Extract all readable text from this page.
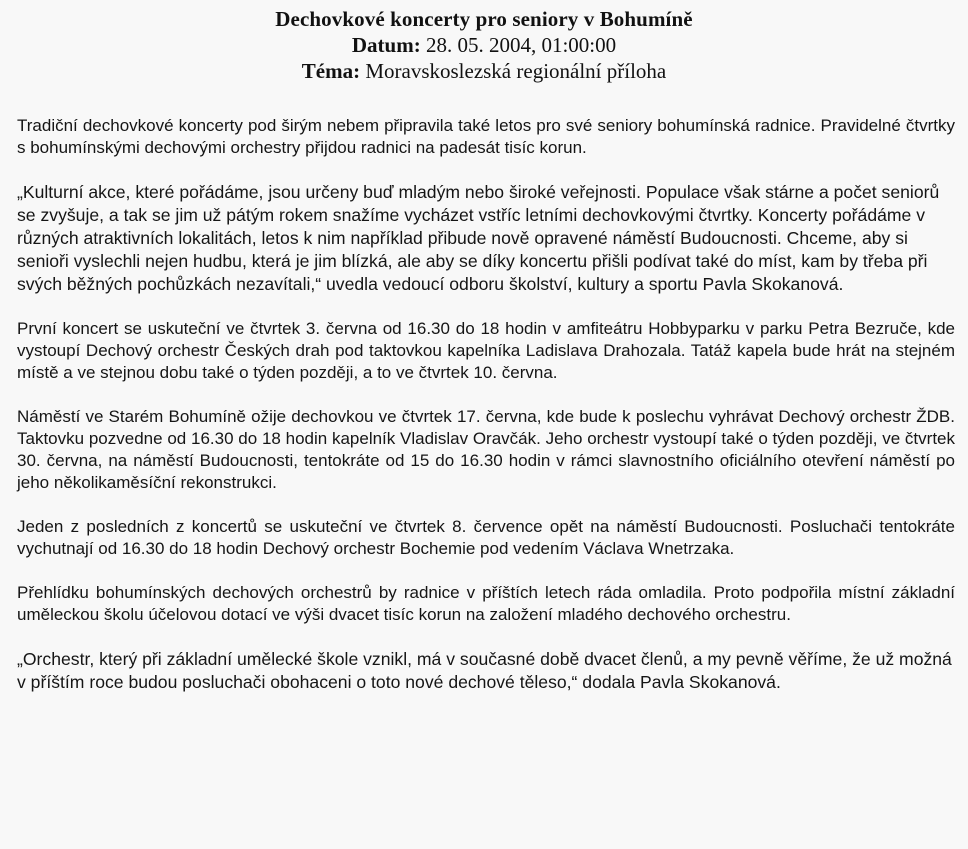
Dechovkové koncerty pro seniory v Bohumíně
Datum: 28. 05. 2004, 01:00:00
Téma: Moravskoslezská regionální příloha

Tradiční dechovkové koncerty pod širým nebem připravila také letos pro své seniory bohumínská radnice. Pravidelné čtvrtky s bohumínskými dechovými orchestry přijdou radnici na padesát tisíc korun.

„Kulturní akce, které pořádáme, jsou určeny buď mladým nebo široké veřejnosti. Populace však stárne a počet seniorů se zvyšuje, a tak se jim už pátým rokem snažíme vycházet vstříc letními dechovkovými čtvrtky. Koncerty pořádáme v různých atraktivních lokalitách, letos k nim například přibude nově opravené náměstí Budoucnosti. Chceme, aby si senioři vyslechli nejen hudbu, která je jim blízká, ale aby se díky koncertu přišli podívat také do míst, kam by třeba při svých běžných pochůzkách nezavítali,“ uvedla vedoucí odboru školství, kultury a sportu Pavla Skokanová.

První koncert se uskuteční ve čtvrtek 3. června od 16.30 do 18 hodin v amfiteátru Hobbyparku v parku Petra Bezruče, kde vystoupí Dechový orchestr Českých drah pod taktovkou kapelníka Ladislava Drahozala. Tatáž kapela bude hrát na stejném místě a ve stejnou dobu také o týden později, a to ve čtvrtek 10. června.

Náměstí ve Starém Bohumíně ožije dechovkou ve čtvrtek 17. června, kde bude k poslechu vyhrávat Dechový orchestr ŽDB. Taktovku pozvedne od 16.30 do 18 hodin kapelník Vladislav Oravčák. Jeho orchestr vystoupí také o týden později, ve čtvrtek 30. června, na náměstí Budoucnosti, tentokráte od 15 do 16.30 hodin v rámci slavnostního oficiálního otevření náměstí po jeho několikaměsíční rekonstrukci.

Jeden z posledních z koncertů se uskuteční ve čtvrtek 8. července opět na náměstí Budoucnosti. Posluchači tentokráte vychutnají od 16.30 do 18 hodin Dechový orchestr Bochemie pod vedením Václava Wnetrzaka.

Přehlídku bohumínských dechových orchestrů by radnice v příštích letech ráda omladila. Proto podpořila místní základní uměleckou školu účelovou dotací ve výši dvacet tisíc korun na založení mladého dechového orchestru.

„Orchestr, který při základní umělecké škole vznikl, má v současné době dvacet členů, a my pevně věříme, že už možná v příštím roce budou posluchači obohaceni o toto nové dechové těleso,“ dodala Pavla Skokanová.
